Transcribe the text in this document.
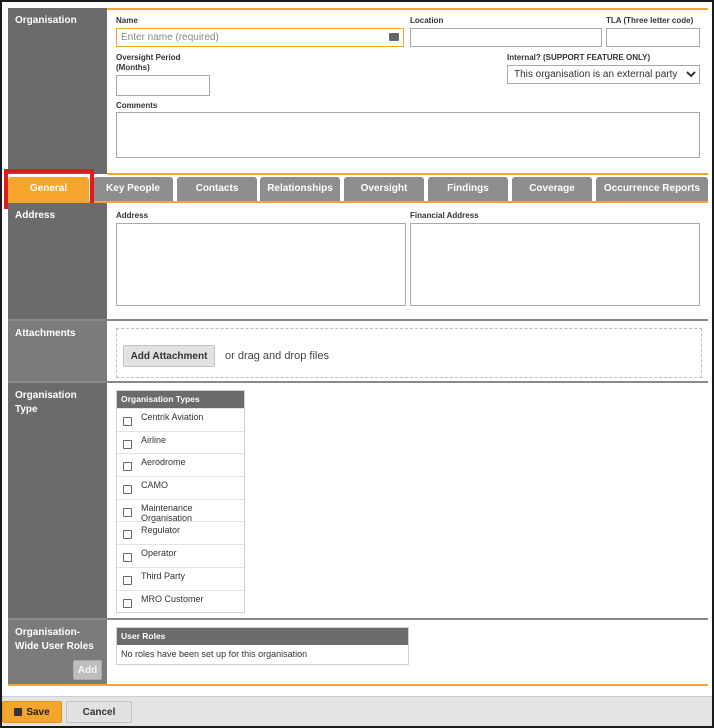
Organisation	Name
Enter name (required)	Location	TLA (Three letter code)
Oversight Period
(Months)
Internal? (SUPPORT FEATURE ONLY)
This organisation is an external party
Comments
General	Key People	Contacts	Relationships	Oversight	Findings	Coverage	Occurrence Reports
Address	Address	Financial Address
Attachments
Add Attachment	or drag and drop files
Organisation
Type
Organisation Types
Centrik Aviation
Airline
Aerodrome
CAMO
Maintenance Organisation
Regulator
Operator
Third Party
MRO Customer
Organisation-
Wide User Roles
Add
User Roles
No roles have been set up for this organisation
Save	Cancel
